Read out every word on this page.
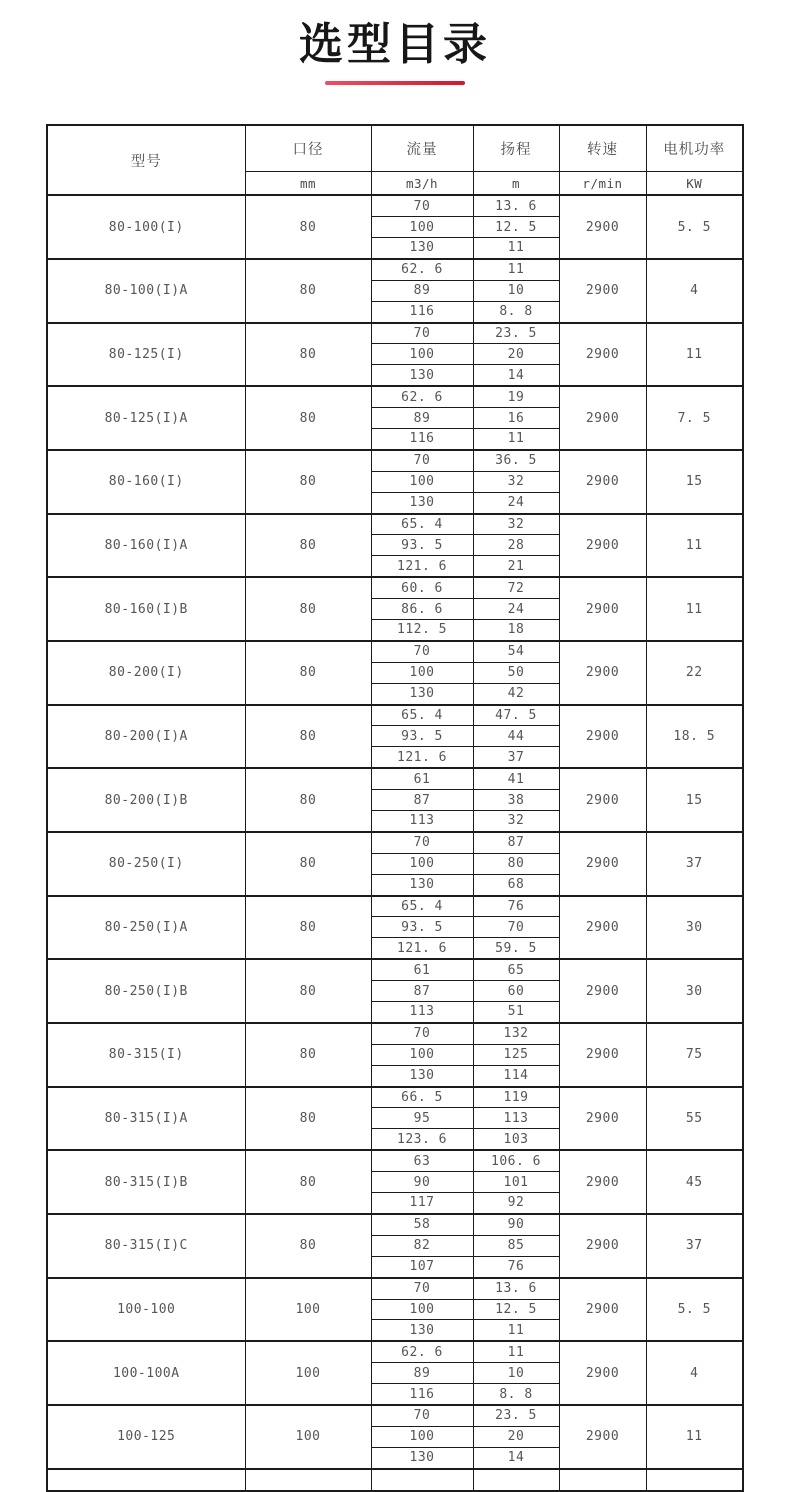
选型目录
型号	口径	流量	扬程	转速	电机功率
	mm	m3/h	m	r/min	KW
80-100(I)	80	70	13. 6	2900	5. 5
		100	12. 5		
		130	11		
80-100(I)A	80	62. 6	11	2900	4
		89	10		
		116	8. 8		
80-125(I)	80	70	23. 5	2900	11
		100	20		
		130	14		
80-125(I)A	80	62. 6	19	2900	7. 5
		89	16		
		116	11		
80-160(I)	80	70	36. 5	2900	15
		100	32		
		130	24		
80-160(I)A	80	65. 4	32	2900	11
		93. 5	28		
		121. 6	21		
80-160(I)B	80	60. 6	72	2900	11
		86. 6	24		
		112. 5	18		
80-200(I)	80	70	54	2900	22
		100	50		
		130	42		
80-200(I)A	80	65. 4	47. 5	2900	18. 5
		93. 5	44		
		121. 6	37		
80-200(I)B	80	61	41	2900	15
		87	38		
		113	32		
80-250(I)	80	70	87	2900	37
		100	80		
		130	68		
80-250(I)A	80	65. 4	76	2900	30
		93. 5	70		
		121. 6	59. 5		
80-250(I)B	80	61	65	2900	30
		87	60		
		113	51		
80-315(I)	80	70	132	2900	75
		100	125		
		130	114		
80-315(I)A	80	66. 5	119	2900	55
		95	113		
		123. 6	103		
80-315(I)B	80	63	106. 6	2900	45
		90	101		
		117	92		
80-315(I)C	80	58	90	2900	37
		82	85		
		107	76		
100-100	100	70	13. 6	2900	5. 5
		100	12. 5		
		130	11		
100-100A	100	62. 6	11	2900	4
		89	10		
		116	8. 8		
100-125	100	70	23. 5	2900	11
		100	20		
		130	14		
